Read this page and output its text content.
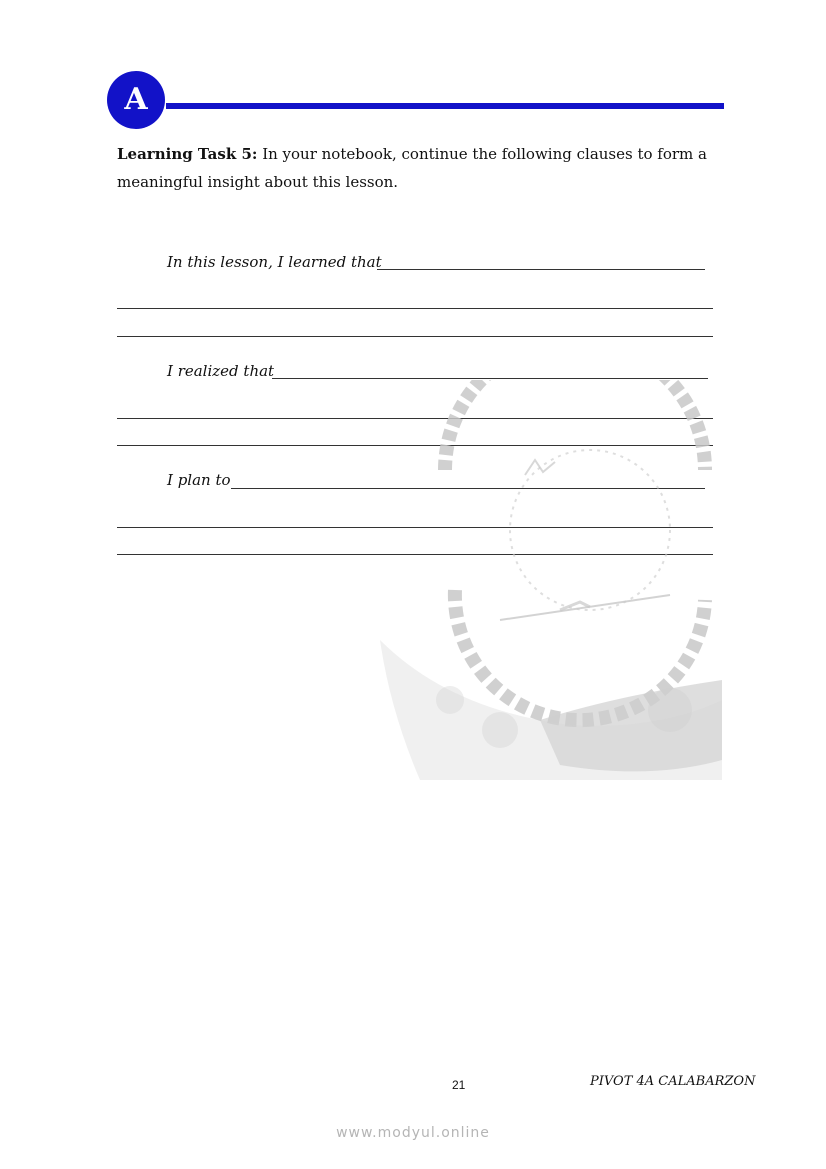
A
Learning Task 5: In your notebook, continue the following clauses to form a meaningful insight about this lesson.
In this lesson, I learned that
I realized that
I plan to
21	PIVOT 4A CALABARZON
www.modyul.online
